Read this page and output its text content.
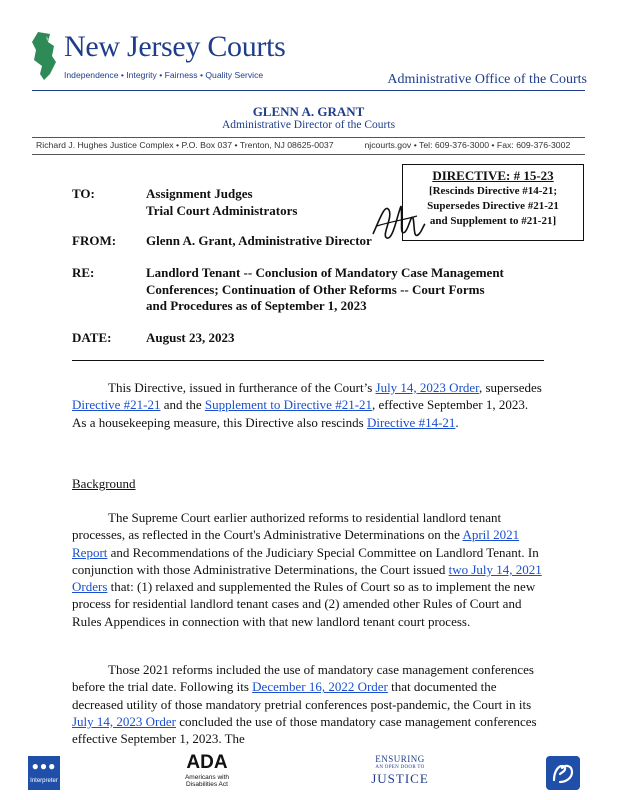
New Jersey Courts
Independence • Integrity • Fairness • Quality Service	Administrative Office of the Courts
GLENN A. GRANT
Administrative Director of the Courts
Richard J. Hughes Justice Complex • P.O. Box 037 • Trenton, NJ 08625-0037	njcourts.gov • Tel: 609-376-3000 • Fax: 609-376-3002
DIRECTIVE: # 15-23
[Rescinds Directive #14-21;
Supersedes Directive #21-21
and Supplement to #21-21]
TO:	Assignment Judges
Trial Court Administrators
FROM: Glenn A. Grant, Administrative Director
RE:	Landlord Tenant -- Conclusion of Mandatory Case Management
Conferences; Continuation of Other Reforms -- Court Forms
and Procedures as of September 1, 2023
DATE:	August 23, 2023
This Directive, issued in furtherance of the Court’s July 14, 2023 Order, supersedes Directive #21-21 and the Supplement to Directive #21-21, effective September 1, 2023. As a housekeeping measure, this Directive also rescinds Directive #14-21.
Background
The Supreme Court earlier authorized reforms to residential landlord tenant processes, as reflected in the Court's Administrative Determinations on the April 2021 Report and Recommendations of the Judiciary Special Committee on Landlord Tenant. In conjunction with those Administrative Determinations, the Court issued two July 14, 2021 Orders that: (1) relaxed and supplemented the Rules of Court so as to implement the new process for residential landlord tenant cases and (2) amended other Rules of Court and Rules Appendices in connection with that new landlord tenant court process.
Those 2021 reforms included the use of mandatory case management conferences before the trial date. Following its December 16, 2022 Order that documented the decreased utility of those mandatory pretrial conferences post-pandemic, the Court in its July 14, 2023 Order concluded the use of those mandatory case management conferences effective September 1, 2023. The
●●●
Interpreter
ADA
Americans with
Disabilities Act
ENSURING
AN OPEN DOOR TO
JUSTICE
